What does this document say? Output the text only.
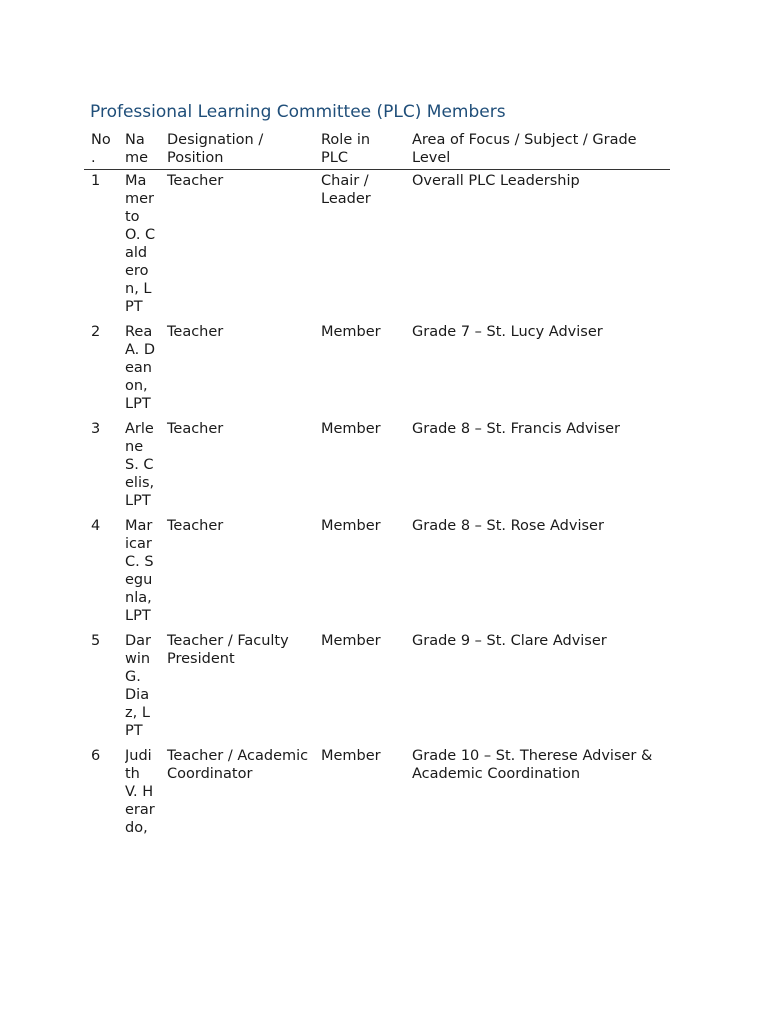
Professional Learning Committee (PLC) Members
No.	Name	Designation / Position	Role in PLC	Area of Focus / Subject / Grade Level
1	Mamerto O. Calderon, LPT	Teacher	Chair / Leader	Overall PLC Leadership
2	Rea A. Deanon, LPT	Teacher	Member	Grade 7 – St. Lucy Adviser
3	Arlene S. Celis, LPT	Teacher	Member	Grade 8 – St. Francis Adviser
4	Maricar C. Segunla, LPT	Teacher	Member	Grade 8 – St. Rose Adviser
5	Darwin G. Diaz, LPT	Teacher / Faculty President	Member	Grade 9 – St. Clare Adviser
6	Judith V. Herardo,	Teacher / Academic Coordinator	Member	Grade 10 – St. Therese Adviser & Academic Coordination
